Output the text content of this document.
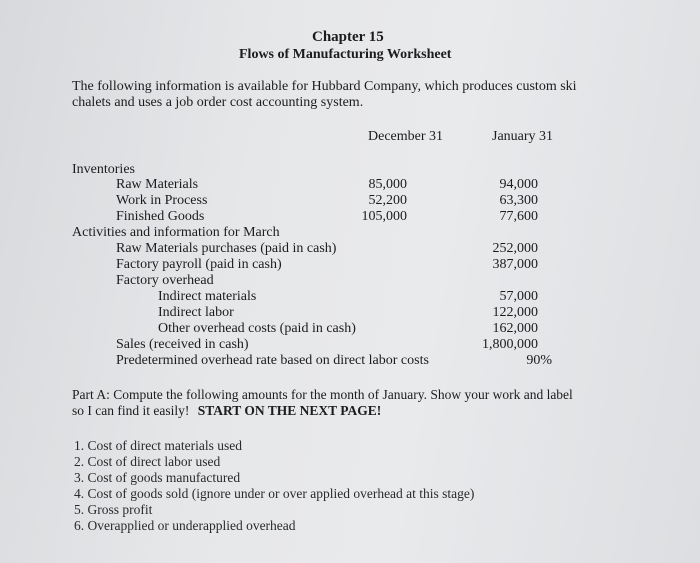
Chapter 15
Flows of Manufacturing Worksheet
The following information is available for Hubbard Company, which produces custom ski
chalets and uses a job order cost accounting system.
December 31	January 31
Inventories
Raw Materials	85,000	94,000
Work in Process	52,200	63,300
Finished Goods	105,000	77,600
Activities and information for March
Raw Materials purchases (paid in cash)	252,000
Factory payroll (paid in cash)	387,000
Factory overhead
Indirect materials	57,000
Indirect labor	122,000
Other overhead costs (paid in cash)	162,000
Sales (received in cash)	1,800,000
Predetermined overhead rate based on direct labor costs	90%
Part A: Compute the following amounts for the month of January. Show your work and label
so I can find it easily! START ON THE NEXT PAGE!
1. Cost of direct materials used
2. Cost of direct labor used
3. Cost of goods manufactured
4. Cost of goods sold (ignore under or over applied overhead at this stage)
5. Gross profit
6. Overapplied or underapplied overhead
